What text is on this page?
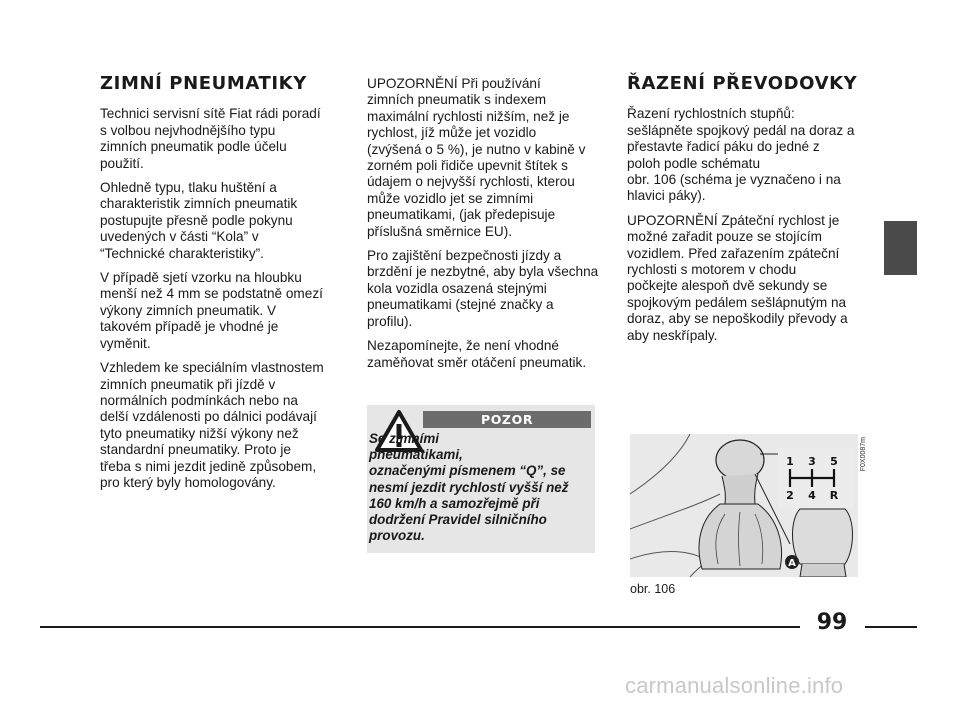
ZIMNÍ PNEUMATIKY

Technici servisní sítě Fiat rádi poradí
s volbou nejvhodnějšího typu
zimních pneumatik podle účelu
použití.

Ohledně typu, tlaku huštění a
charakteristik zimních pneumatik
postupujte přesně podle pokynu
uvedených v části “Kola” v
“Technické charakteristiky”.

V případě sjetí vzorku na hloubku
menší než 4 mm se podstatně omezí
výkony zimních pneumatik. V
takovém případě je vhodné je
vyměnit.

Vzhledem ke speciálním vlastnostem
zimních pneumatik při jízdě v
normálních podmínkách nebo na
delší vzdálenosti po dálnici podávají
tyto pneumatiky nižší výkony než
standardní pneumatiky. Proto je
třeba s nimi jezdit jedině způsobem,
pro který byly homologovány.

UPOZORNĚNÍ Při používání
zimních pneumatik s indexem
maximální rychlosti nižším, než je
rychlost, jíž může jet vozidlo
(zvýšená o 5 %), je nutno v kabině v
zorném poli řidiče upevnit štítek s
údajem o nejvyšší rychlosti, kterou
může vozidlo jet se zimními
pneumatikami, (jak předepisuje
příslušná směrnice EU).

Pro zajištění bezpečnosti jízdy a
brzdění je nezbytné, aby byla všechna
kola vozidla osazená stejnými
pneumatikami (stejné značky a
profilu).

Nezapomínejte, že není vhodné
zaměňovat směr otáčení pneumatik.

POZOR
Se zimními
pneumatikami,
označenými písmenem “Q”, se
nesmí jezdit rychlostí vyšší než
160 km/h a samozřejmě při
dodržení Pravidel silničního
provozu.
ŘAZENÍ PŘEVODOVKY

Řazení rychlostních stupňů:
sešlápněte spojkový pedál na doraz a
přestavte řadicí páku do jedné z
poloh podle schématu
obr. 106 (schéma je vyznačeno i na
hlavici páky).

UPOZORNĚNÍ Zpáteční rychlost je
možné zařadit pouze se stojícím
vozidlem. Před zařazením zpáteční
rychlosti s motorem v chodu
počkejte alespoň dvě sekundy se
spojkovým pedálem sešlápnutým na
doraz, aby se nepoškodily převody a
aby neskřípaly.

1 3 5
2 4 R
A
F0X0087m
obr. 106
99
carmanualsonline.info
